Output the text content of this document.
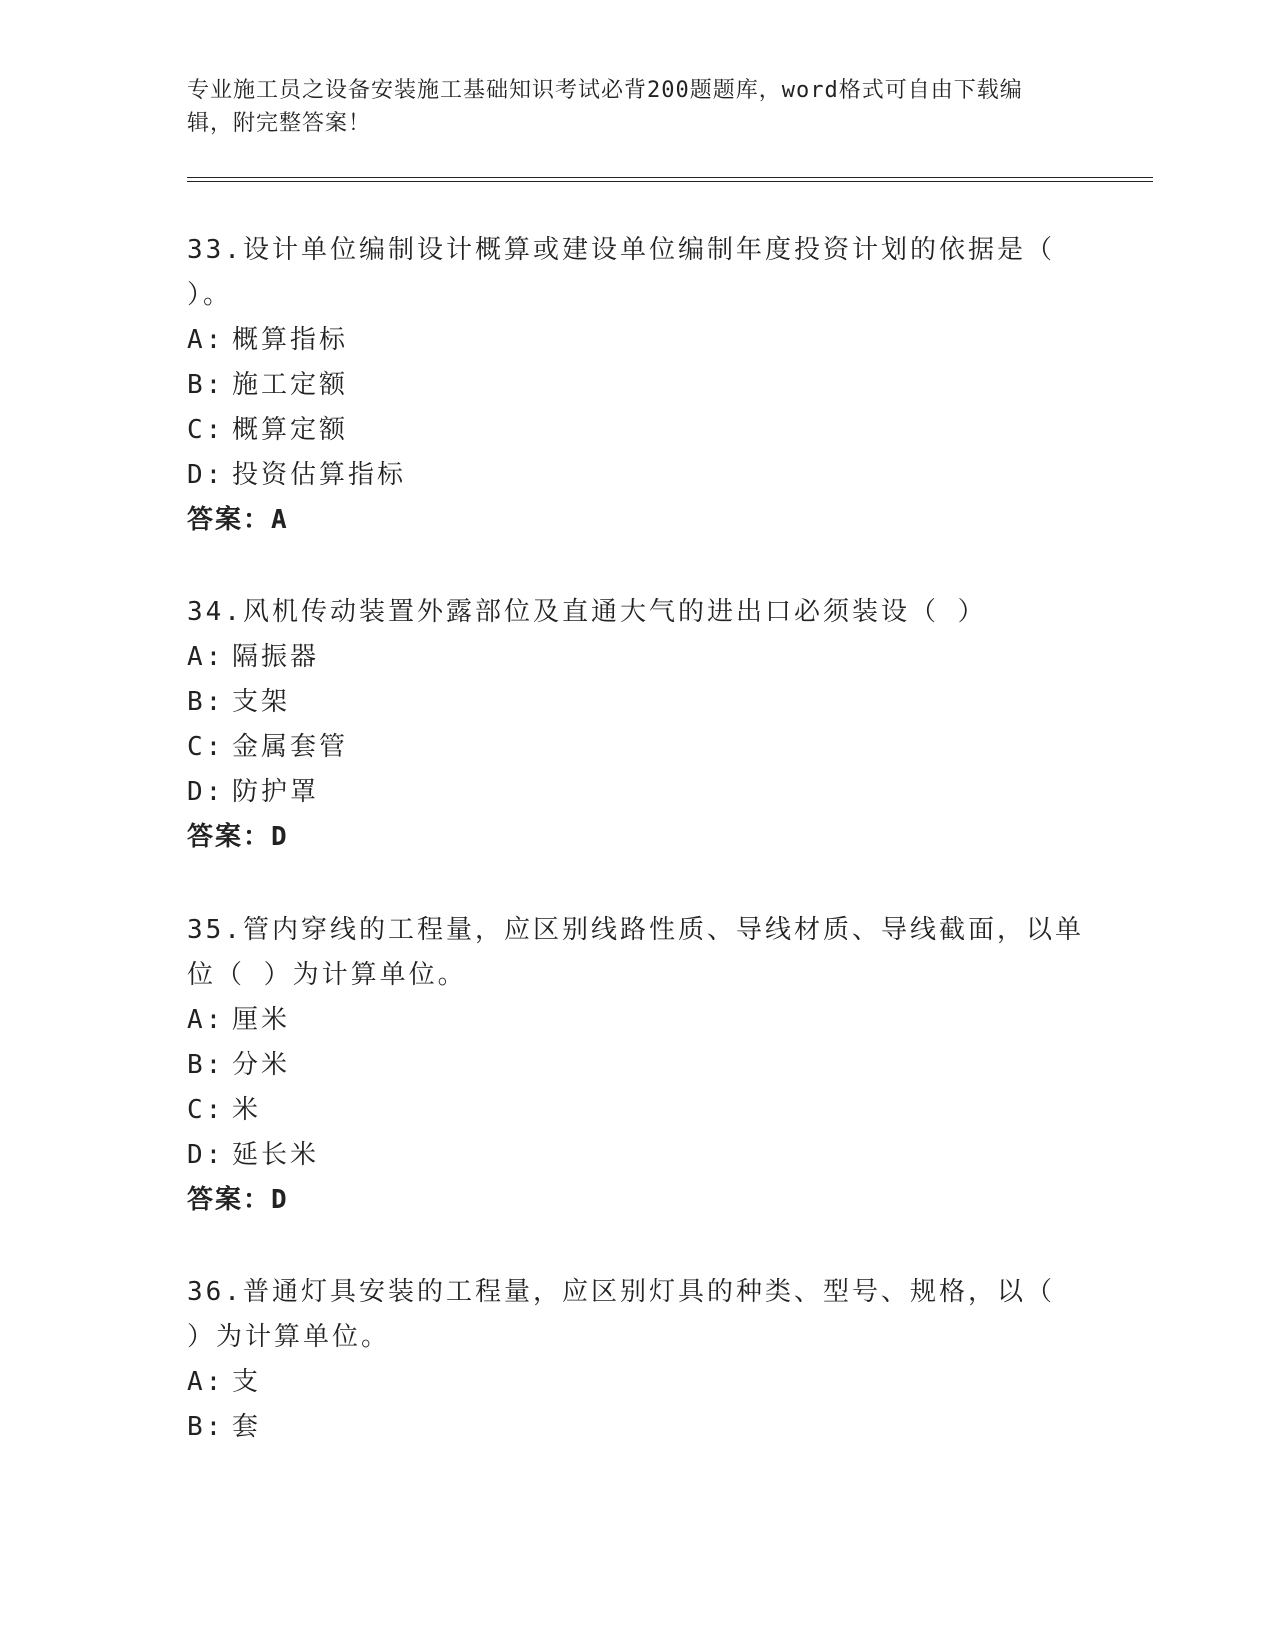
专业施工员之设备安装施工基础知识考试必背200题题库，word格式可自由下载编辑，附完整答案！

33.设计单位编制设计概算或建设单位编制年度投资计划的依据是（ ）。

A: 概算指标
B: 施工定额
C: 概算定额
D: 投资估算指标
答案：A

34.风机传动装置外露部位及直通大气的进出口必须装设（ ）

A: 隔振器
B: 支架
C: 金属套管
D: 防护罩
答案：D

35.管内穿线的工程量，应区别线路性质、导线材质、导线截面，以单位（ ）为计算单位。

A: 厘米
B: 分米
C: 米
D: 延长米
答案：D

36.普通灯具安装的工程量，应区别灯具的种类、型号、规格，以（ ）为计算单位。

A: 支
B: 套
